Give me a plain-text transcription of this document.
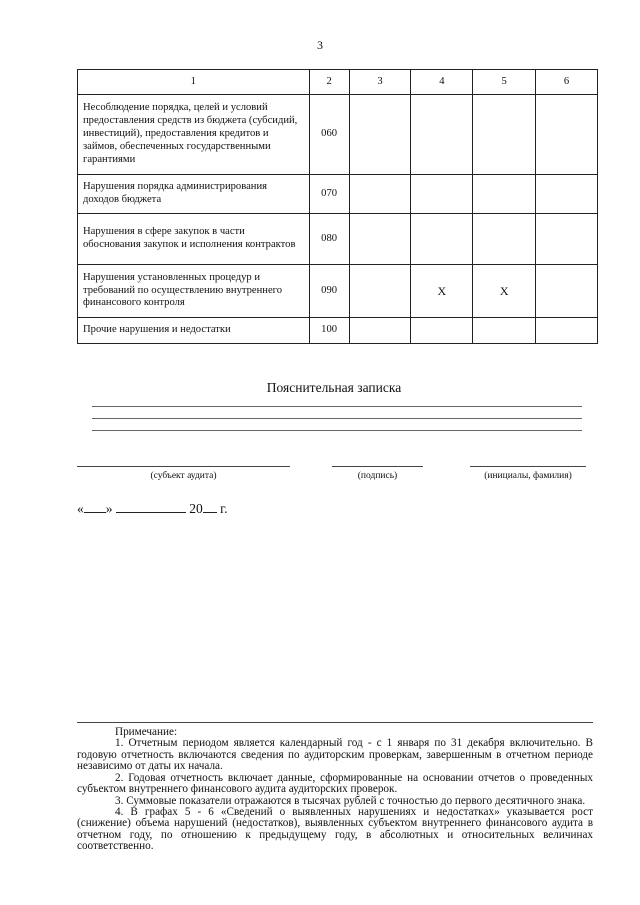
3
1	2	3	4	5	6
Несоблюдение порядка, целей и условий предоставления средств из бюджета (субсидий, инвестиций), предоставления кредитов и займов, обеспеченных государственными гарантиями	060				
Нарушения порядка администрирования доходов бюджета	070				
Нарушения в сфере закупок в части обоснования закупок и исполнения контрактов	080				
Нарушения установленных процедур и требований по осуществлению внутреннего финансового контроля	090		Х	Х	
Прочие нарушения и недостатки	100				
Пояснительная записка
(субъект аудита)	(подпись)	(инициалы, фамилия)
« »	20 г.

Примечание:

1. Отчетным периодом является календарный год - с 1 января по 31 декабря включительно. В годовую отчетность включаются сведения по аудиторским проверкам, завершенным в отчетном периоде независимо от даты их начала.

2. Годовая отчетность включает данные, сформированные на основании отчетов о проведенных субъектом внутреннего финансового аудита аудиторских проверок.

3. Суммовые показатели отражаются в тысячах рублей с точностью до первого десятичного знака.

4. В графах 5 - 6 «Сведений о выявленных нарушениях и недостатках» указывается рост (снижение) объема нарушений (недостатков), выявленных субъектом внутреннего финансового аудита в отчетном году, по отношению к предыдущему году, в абсолютных и относительных величинах соответственно.
